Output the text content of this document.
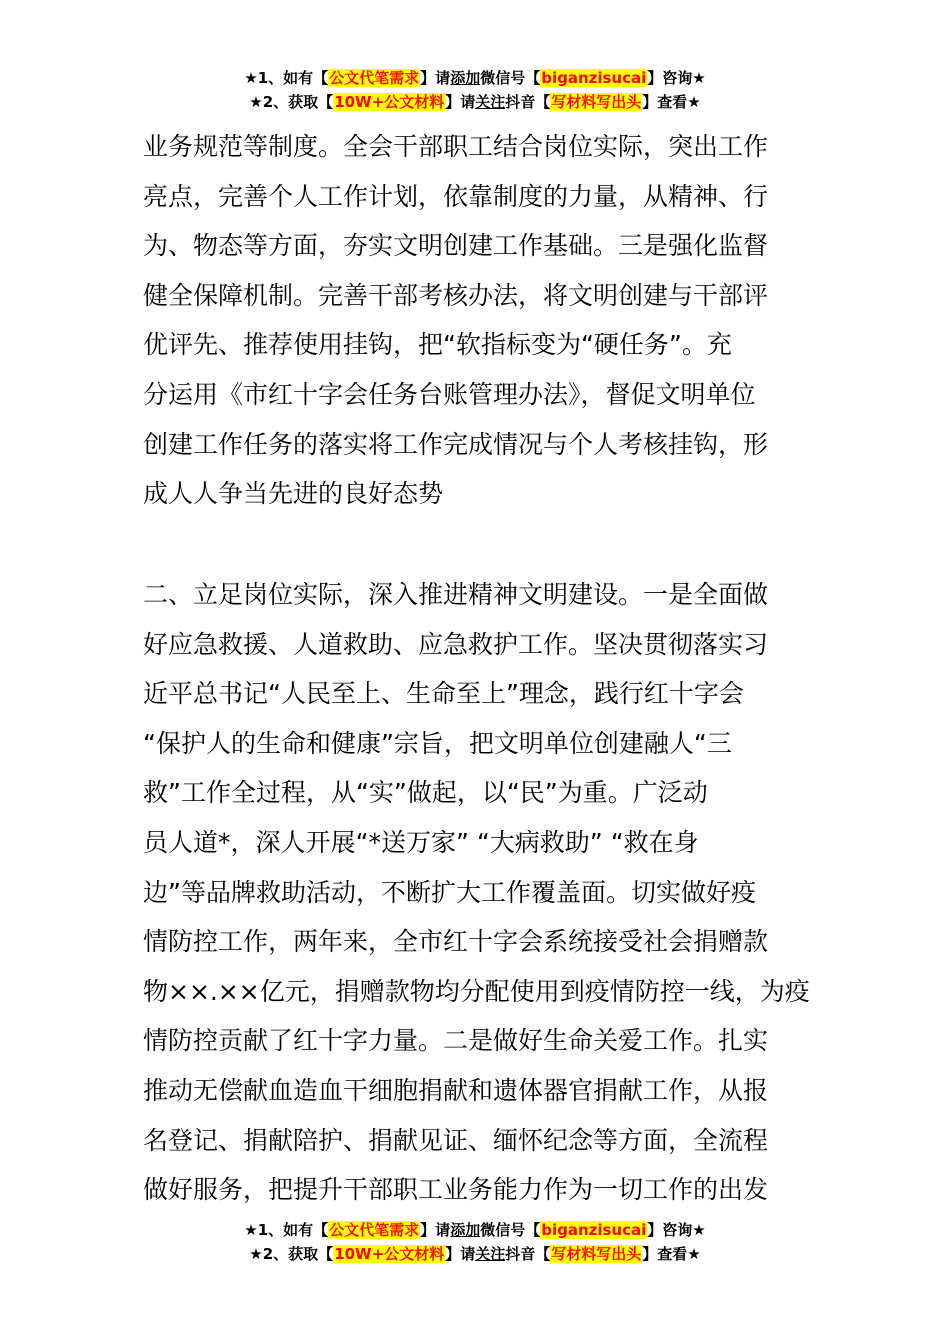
★1、如有【公文代笔需求】请添加微信号【biganzisucai】咨询★
★2、获取【10W+公文材料】请关注抖音【写材料写出头】查看★
业务规范等制度。全会干部职工结合岗位实际，突出工作
亮点，完善个人工作计划，依靠制度的力量，从精神、行
为、物态等方面，夯实文明创建工作基础。三是强化监督
健全保障机制。完善干部考核办法，将文明创建与干部评
优评先、推荐使用挂钩，把“软指标变为“硬任务”。充
分运用《市红十字会任务台账管理办法》，督促文明单位
创建工作任务的落实将工作完成情况与个人考核挂钩，形
成人人争当先进的良好态势
二、立足岗位实际，深入推进精神文明建设。一是全面做
好应急救援、人道救助、应急救护工作。坚决贯彻落实习
近平总书记“人民至上、生命至上”理念，践行红十字会
“保护人的生命和健康”宗旨，把文明单位创建融人“三
救”工作全过程，从“实”做起，以“民”为重。广泛动
员人道*，深人开展“*送万家” “大病救助” “救在身
边”等品牌救助活动，不断扩大工作覆盖面。切实做好疫
情防控工作，两年来，全市红十字会系统接受社会捐赠款
物××.××亿元，捐赠款物均分配使用到疫情防控一线，为疫
情防控贡献了红十字力量。二是做好生命关爱工作。扎实
推动无偿献血造血干细胞捐献和遗体器官捐献工作，从报
名登记、捐献陪护、捐献见证、缅怀纪念等方面，全流程
做好服务，把提升干部职工业务能力作为一切工作的出发
★1、如有【公文代笔需求】请添加微信号【biganzisucai】咨询★
★2、获取【10W+公文材料】请关注抖音【写材料写出头】查看★
